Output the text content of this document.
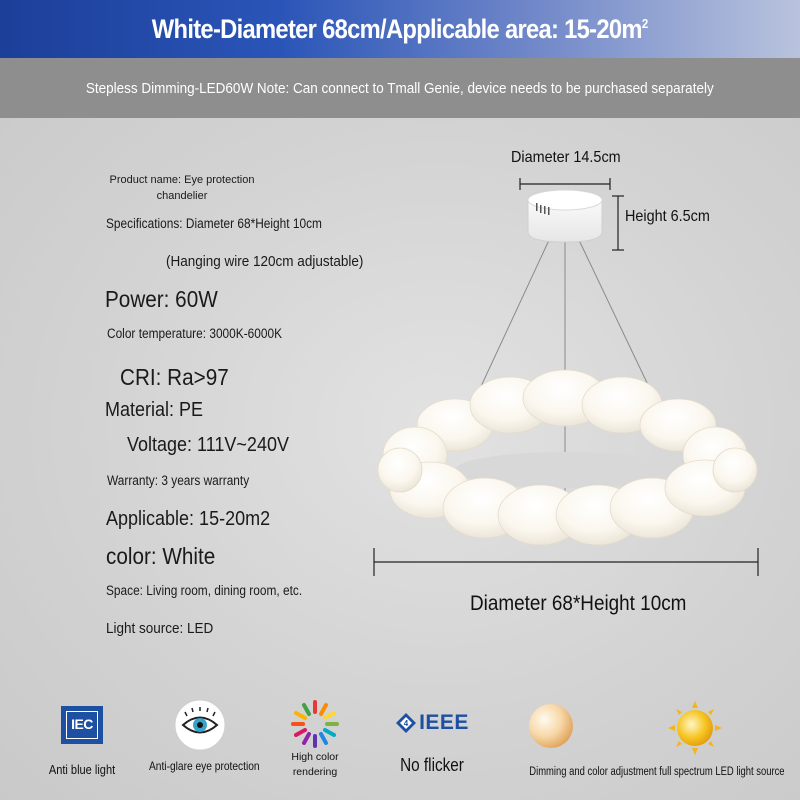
White-Diameter 68cm/Applicable area: $15-20m^2$
Stepless Dimming-LED60W Note: Can connect to Tmall Genie, device needs to be purchased separately
Product name: Eye protection chandelier
Specifications: Diameter 68*Height 10cm
(Hanging wire 120cm adjustable)
Power: 60W
Color temperature: 3000K-6000K
CRI: Ra>97
Material: PE
Voltage: 111V~240V
Warranty: 3 years warranty
Applicable: 15-20m2
color: White
Space: Living room, dining room, etc.
Light source: LED
Diameter 14.5cm
Height 6.5cm
Diameter 68*Height 10cm
IEC
Anti blue light	Anti-glare eye protection
High color rendering
4 IEEE
No flicker	Dimming and color adjustment full spectrum LED light source
